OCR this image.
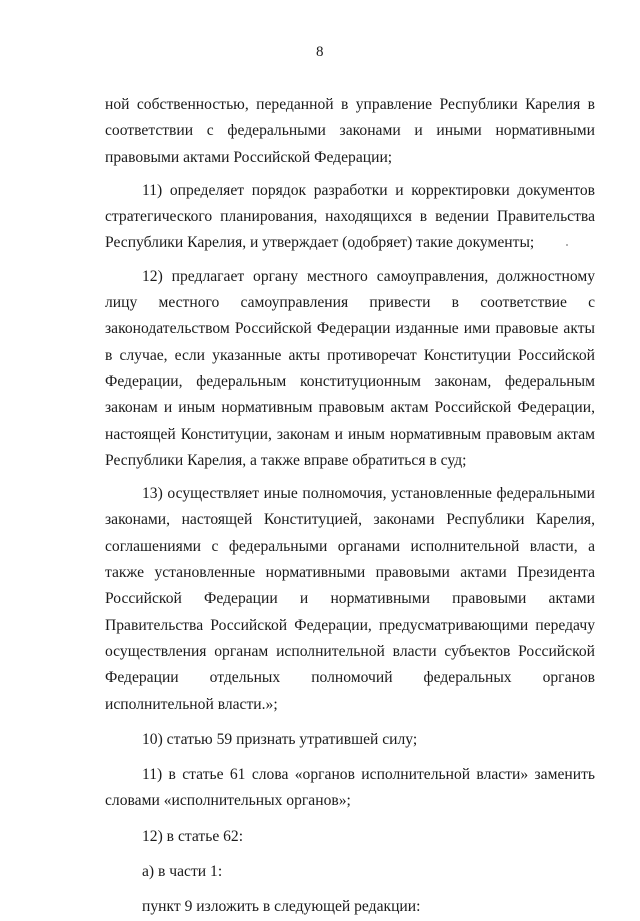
8

ной собственностью, переданной в управление Республики Карелия в соответствии с федеральными законами и иными нормативными правовыми актами Российской Федерации;

11) определяет порядок разработки и корректировки документов стратегического планирования, находящихся в ведении Правительства Республики Карелия, и утверждает (одобряет) такие документы;

12) предлагает органу местного самоуправления, должностному лицу местного самоуправления привести в соответствие с законодательством Российской Федерации изданные ими правовые акты в случае, если указанные акты противоречат Конституции Российской Федерации, федеральным конституционным законам, федеральным законам и иным нормативным правовым актам Российской Федерации, настоящей Конституции, законам и иным нормативным правовым актам Республики Карелия, а также вправе обратиться в суд;

13) осуществляет иные полномочия, установленные федеральными законами, настоящей Конституцией, законами Республики Карелия, соглашениями с федеральными органами исполнительной власти, а также установленные нормативными правовыми актами Президента Российской Федерации и нормативными правовыми актами Правительства Российской Федерации, предусматривающими передачу осуществления органам исполнительной власти субъектов Российской Федерации отдельных полномочий федеральных органов исполнительной власти.»;

10) статью 59 признать утратившей силу;

11) в статье 61 слова «органов исполнительной власти» заменить словами «исполнительных органов»;

12) в статье 62:

а) в части 1:

пункт 9 изложить в следующей редакции:
